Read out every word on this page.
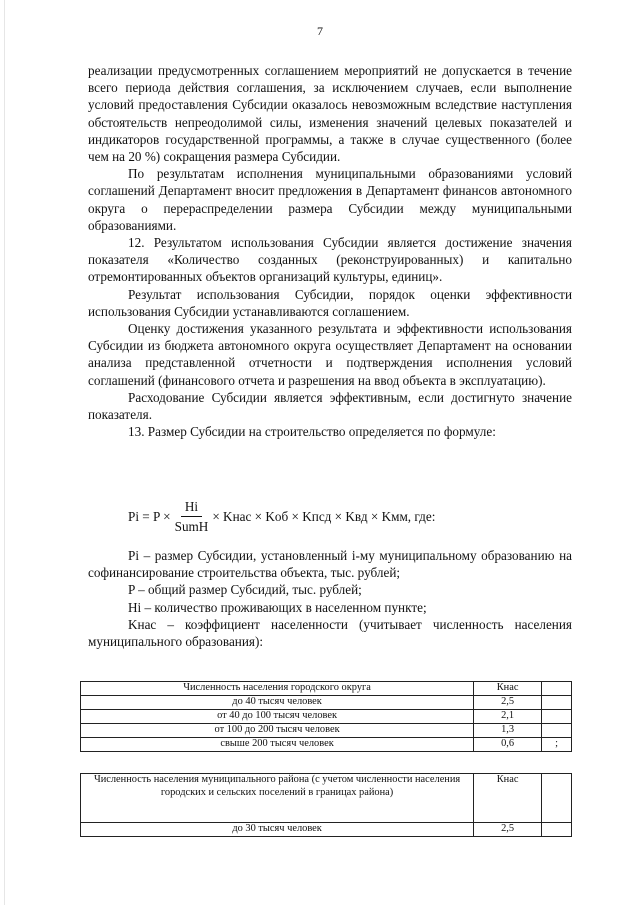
7

реализации предусмотренных соглашением мероприятий не допускается в течение всего периода действия соглашения, за исключением случаев, если выполнение условий предоставления Субсидии оказалось невозможным вследствие наступления обстоятельств непреодолимой силы, изменения значений целевых показателей и индикаторов государственной программы, а также в случае существенного (более чем на 20 %) сокращения размера Субсидии.

По результатам исполнения муниципальными образованиями условий соглашений Департамент вносит предложения в Департамент финансов автономного округа о перераспределении размера Субсидии между муниципальными образованиями.

12. Результатом использования Субсидии является достижение значения показателя «Количество созданных (реконструированных) и капитально отремонтированных объектов организаций культуры, единиц».

Результат использования Субсидии, порядок оценки эффективности использования Субсидии устанавливаются соглашением.

Оценку достижения указанного результата и эффективности использования Субсидии из бюджета автономного округа осуществляет Департамент на основании анализа представленной отчетности и подтверждения исполнения условий соглашений (финансового отчета и разрешения на ввод объекта в эксплуатацию).

Расходование Субсидии является эффективным, если достигнуто значение показателя.

13. Размер Субсидии на строительство определяется по формуле:

$Pi = P \times \frac{Hi}{\text{SumH}}$ × Kнас × Kоб × Kпсд × Kвд × Kмм, где:

Pi – размер Субсидии, установленный i-му муниципальному образованию на софинансирование строительства объекта, тыс. рублей;

P – общий размер Субсидий, тыс. рублей;

Hi – количество проживающих в населенном пункте;

Kнас – коэффициент населенности (учитывает численность населения муниципального образования):

Численность населения городского округа	Кнас	
до 40 тысяч человек	2,5	
от 40 до 100 тысяч человек	2,1	
от 100 до 200 тысяч человек	1,3	
свыше 200 тысяч человек	0,6	;
Численность населения муниципального района (с учетом численности населения городских и сельских поселений в границах района)	Кнас	
до 30 тысяч человек	2,5	
